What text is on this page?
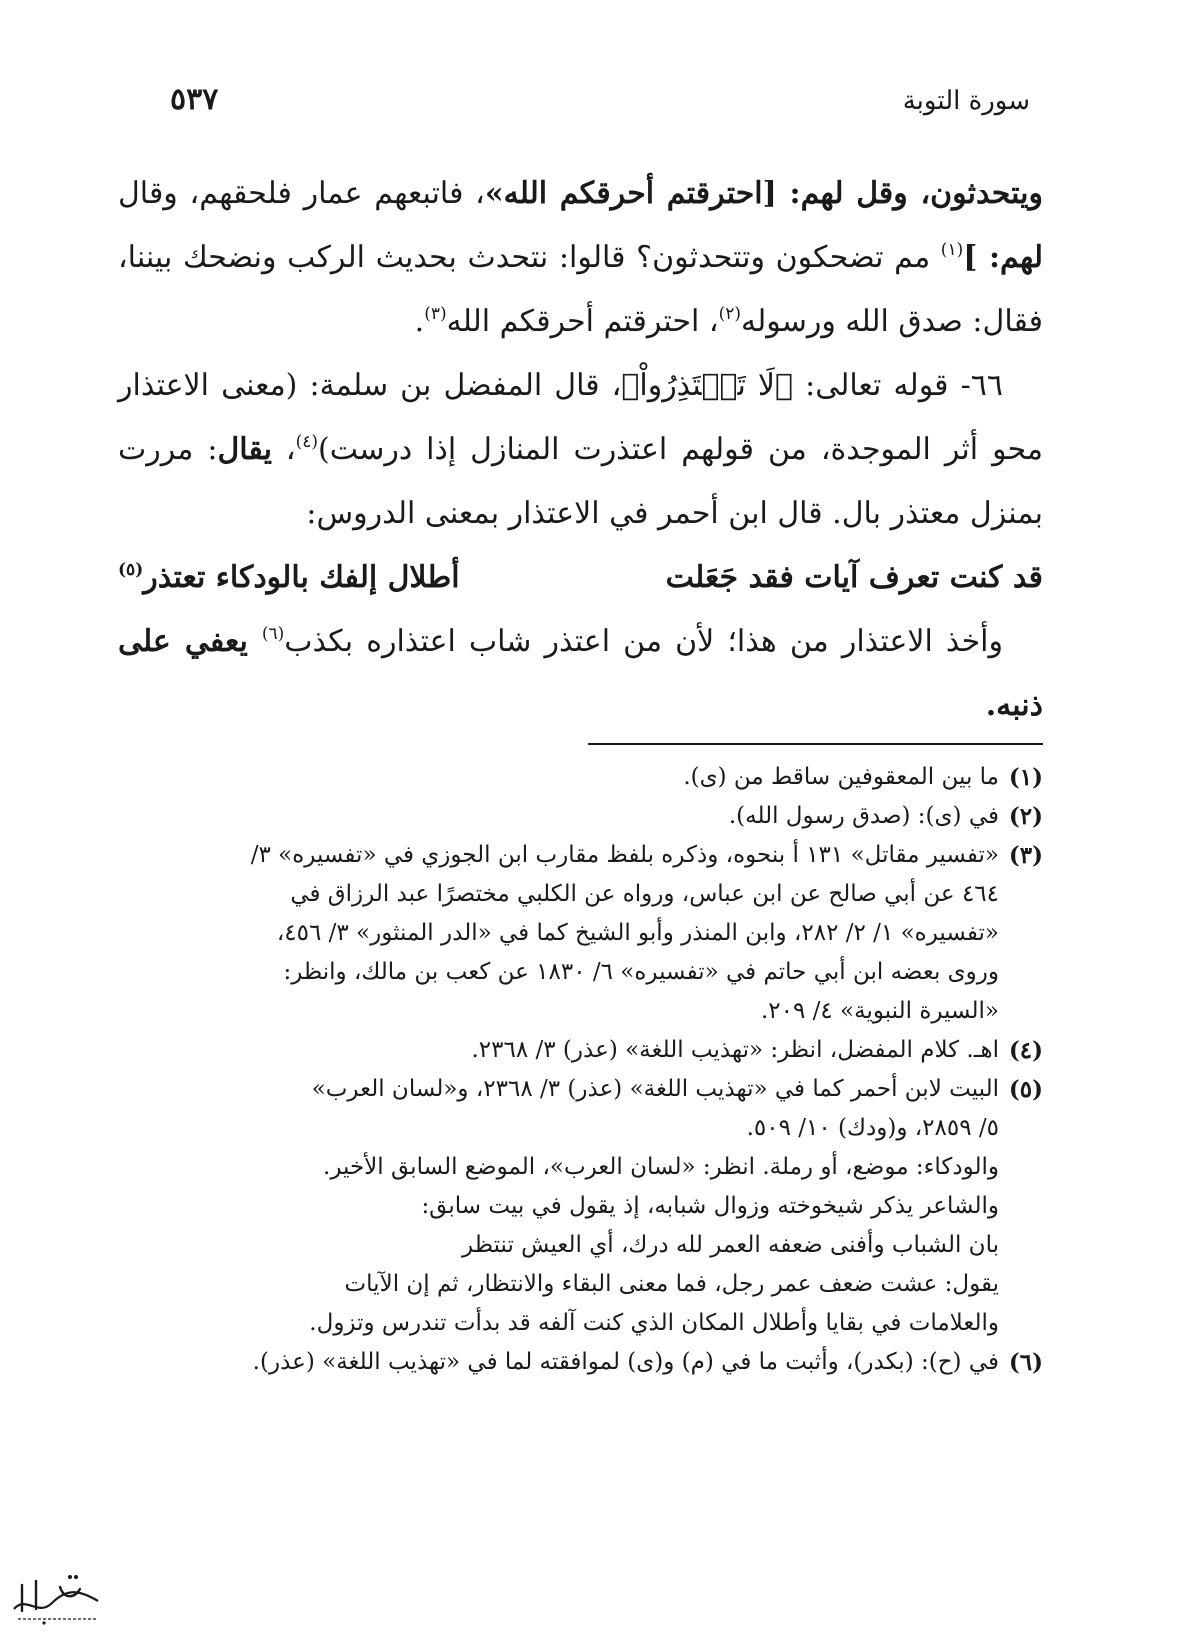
سورة التوبة
٥٣٧

ويتحدثون، وقل لهم: [احترقتم أحرقكم الله»، فاتبعهم عمار فلحقهم، وقال لهم: ]$^{(١)}$ مم تضحكون وتتحدثون؟ قالوا: نتحدث بحديث الركب ونضحك بيننا، فقال: صدق الله ورسوله$^{(٢)}$، احترقتم أحرقكم الله$^{(٣)}$.

٦٦- قوله تعالى: ﴿لَا تَعۡتَذِرُواْ﴾، قال المفضل بن سلمة: (معنى الاعتذار محو أثر الموجدة، من قولهم اعتذرت المنازل إذا درست)$^{(٤)}$، يقال: مررت بمنزل معتذر بال. قال ابن أحمر في الاعتذار بمعنى الدروس:

قد كنت تعرف آيات فقد جَعَلت
أطلال إلفك بالودكاء تعتذر$^{(٥)}$

وأخذ الاعتذار من هذا؛ لأن من اعتذر شاب اعتذاره بكذب$^{(٦)}$ يعفي على ذنبه.

(١)
ما بين المعقوفين ساقط من (ى).
(٢)
في (ى): (صدق رسول الله).
(٣)
«تفسير مقاتل» ١٣١ أ بنحوه، وذكره بلفظ مقارب ابن الجوزي في «تفسيره» ٣/
٤٦٤ عن أبي صالح عن ابن عباس، ورواه عن الكلبي مختصرًا عبد الرزاق في
«تفسيره» ١/ ٢/ ٢٨٢، وابن المنذر وأبو الشيخ كما في «الدر المنثور» ٣/ ٤٥٦،
وروى بعضه ابن أبي حاتم في «تفسيره» ٦/ ١٨٣٠ عن كعب بن مالك، وانظر:
«السيرة النبوية» ٤/ ٢٠٩.
(٤)
اهـ. كلام المفضل، انظر: «تهذيب اللغة» (عذر) ٣/ ٢٣٦٨.
(٥)
البيت لابن أحمر كما في «تهذيب اللغة» (عذر) ٣/ ٢٣٦٨، و«لسان العرب»
٥/ ٢٨٥٩، و(ودك) ١٠/ ٥٠٩.
والودكاء: موضع، أو رملة. انظر: «لسان العرب»، الموضع السابق الأخير.
والشاعر يذكر شيخوخته وزوال شبابه، إذ يقول في بيت سابق:
بان الشباب وأفنى ضعفه العمر لله درك، أي العيش تنتظر
يقول: عشت ضعف عمر رجل، فما معنى البقاء والانتظار، ثم إن الآيات
والعلامات في بقايا وأطلال المكان الذي كنت آلفه قد بدأت تندرس وتزول.
(٦)
في (ح): (بكدر)، وأثبت ما في (م) و(ى) لموافقته لما في «تهذيب اللغة» (عذر).
